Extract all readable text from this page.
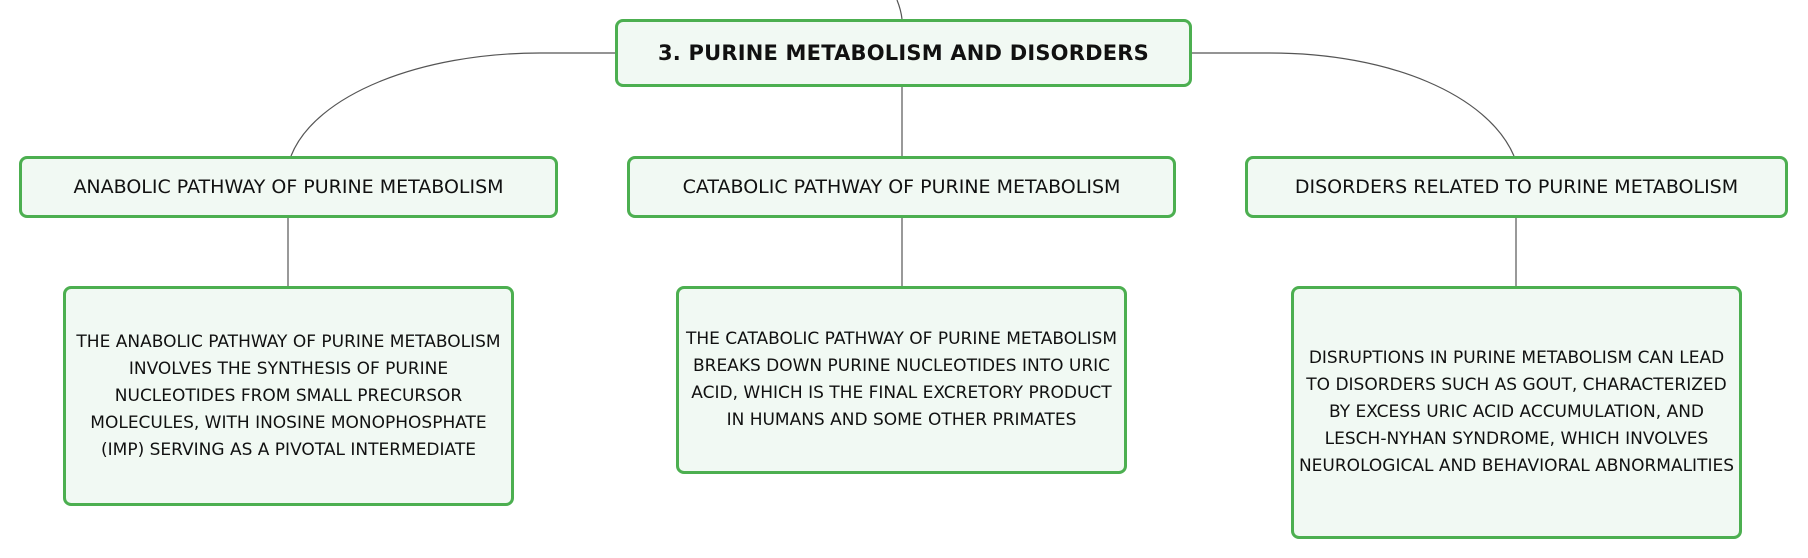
3. PURINE METABOLISM AND DISORDERS
ANABOLIC PATHWAY OF PURINE METABOLISM	CATABOLIC PATHWAY OF PURINE METABOLISM	DISORDERS RELATED TO PURINE METABOLISM
THE ANABOLIC PATHWAY OF PURINE METABOLISM INVOLVES THE SYNTHESIS OF PURINE NUCLEOTIDES FROM SMALL PRECURSOR MOLECULES, WITH INOSINE MONOPHOSPHATE (IMP) SERVING AS A PIVOTAL INTERMEDIATE
THE CATABOLIC PATHWAY OF PURINE METABOLISM BREAKS DOWN PURINE NUCLEOTIDES INTO URIC ACID, WHICH IS THE FINAL EXCRETORY PRODUCT IN HUMANS AND SOME OTHER PRIMATES
DISRUPTIONS IN PURINE METABOLISM CAN LEAD TO DISORDERS SUCH AS GOUT, CHARACTERIZED BY EXCESS URIC ACID ACCUMULATION, AND LESCH-NYHAN SYNDROME, WHICH INVOLVES NEUROLOGICAL AND BEHAVIORAL ABNORMALITIES
